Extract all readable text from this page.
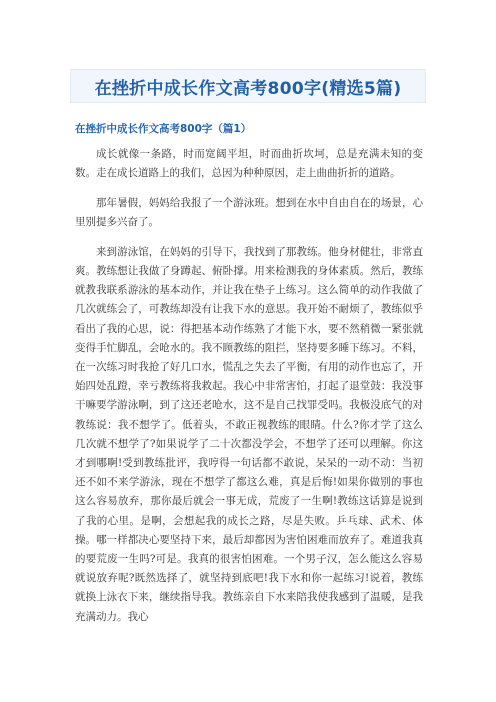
在挫折中成长作文高考800字(精选5篇)
在挫折中成长作文高考800字（篇1）

成长就像一条路，时而宽阔平坦，时而曲折坎坷，总是充满未知的变数。走在成长道路上的我们，总因为种种原因，走上曲曲折折的道路。

那年暑假，妈妈给我报了一个游泳班。想到在水中自由自在的场景，心里别提多兴奋了。

来到游泳馆，在妈妈的引导下，我找到了那教练。他身材健壮，非常直爽。教练想让我做了身蹲起、俯卧撑。用来检测我的身体素质。然后，教练就教我联系游泳的基本动作，并让我在垫子上练习。这么简单的动作我做了几次就练会了，可教练却没有让我下水的意思。我开始不耐烦了，教练似乎看出了我的心思，说：得把基本动作练熟了才能下水，要不然稍微一紧张就变得手忙脚乱，会呛水的。我不顾教练的阻拦，坚持要多睡下练习。不料，在一次练习时我抢了好几口水，慌乱之失去了平衡，有用的动作也忘了，开始四处乱蹬，幸亏教练将我救起。我心中非常害怕，打起了退堂鼓：我没事干嘛要学游泳啊，到了这还老呛水，这不是自己找罪受吗。我极没底气的对教练说：我不想学了。低着头，不敢正视教练的眼睛。什么?你才学了这么几次就不想学了?如果说学了二十次都没学会，不想学了还可以理解。你这才到哪啊!受到教练批评，我哼得一句话都不敢说，呆呆的一动不动：当初还不如不来学游泳，现在不想学了都这么难，真是后悔!如果你做别的事也这么容易放弃，那你最后就会一事无成，荒废了一生啊!教练这话算是说到了我的心里。是啊，会想起我的成长之路，尽是失败。乒乓球、武术、体操。哪一样都决心要坚持下来，最后却都因为害怕困难而放弃了。难道我真的要荒废一生吗?可是。我真的很害怕困难。一个男子汉，怎么能这么容易就说放弃呢?既然选择了，就坚持到底吧!我下水和你一起练习!说着，教练就换上泳衣下来，继续指导我。教练亲自下水来陪我使我感到了温暖，是我充满动力。我心
